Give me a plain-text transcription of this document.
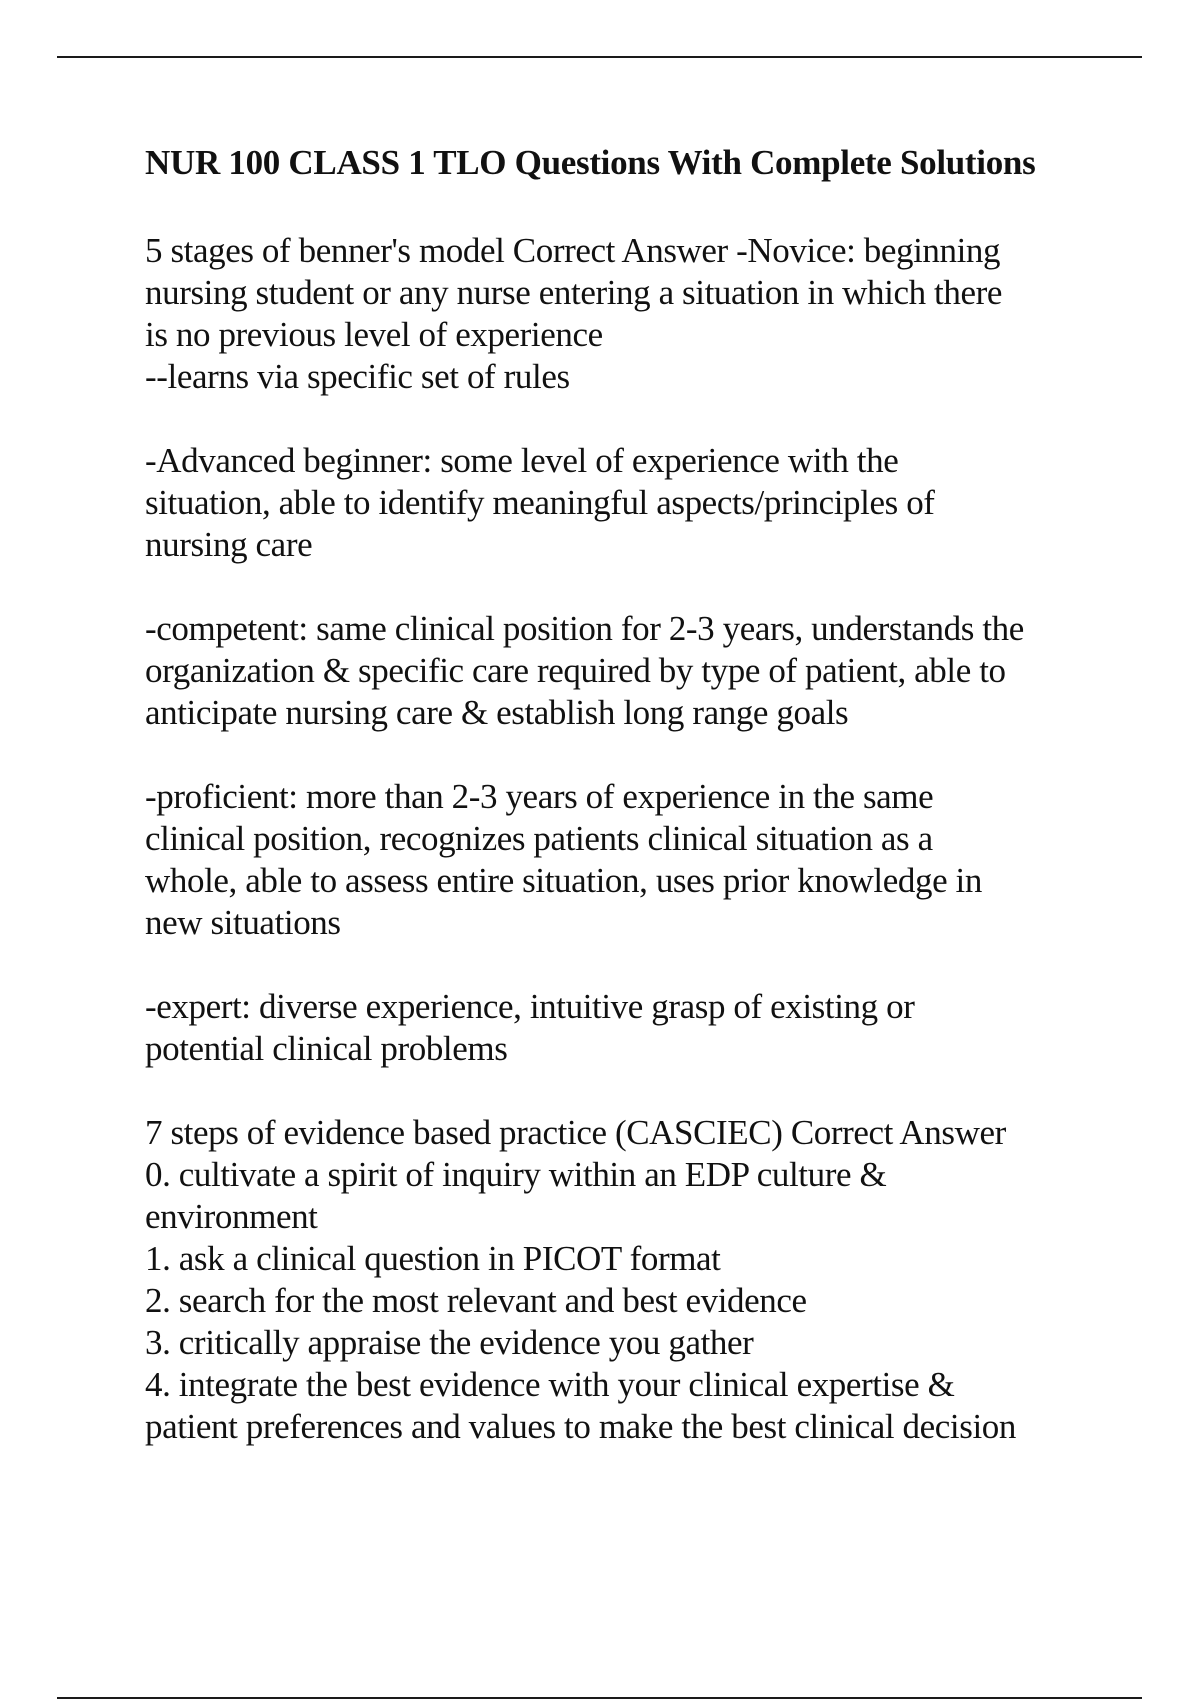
NUR 100 CLASS 1 TLO Questions With Complete Solutions

5 stages of benner's model Correct Answer -Novice: beginning
nursing student or any nurse entering a situation in which there
is no previous level of experience
--learns via specific set of rules

-Advanced beginner: some level of experience with the
situation, able to identify meaningful aspects/principles of
nursing care

-competent: same clinical position for 2-3 years, understands the
organization & specific care required by type of patient, able to
anticipate nursing care & establish long range goals

-proficient: more than 2-3 years of experience in the same
clinical position, recognizes patients clinical situation as a
whole, able to assess entire situation, uses prior knowledge in
new situations

-expert: diverse experience, intuitive grasp of existing or
potential clinical problems

7 steps of evidence based practice (CASCIEC) Correct Answer
0. cultivate a spirit of inquiry within an EDP culture &
environment
1. ask a clinical question in PICOT format
2. search for the most relevant and best evidence
3. critically appraise the evidence you gather
4. integrate the best evidence with your clinical expertise &
patient preferences and values to make the best clinical decision
